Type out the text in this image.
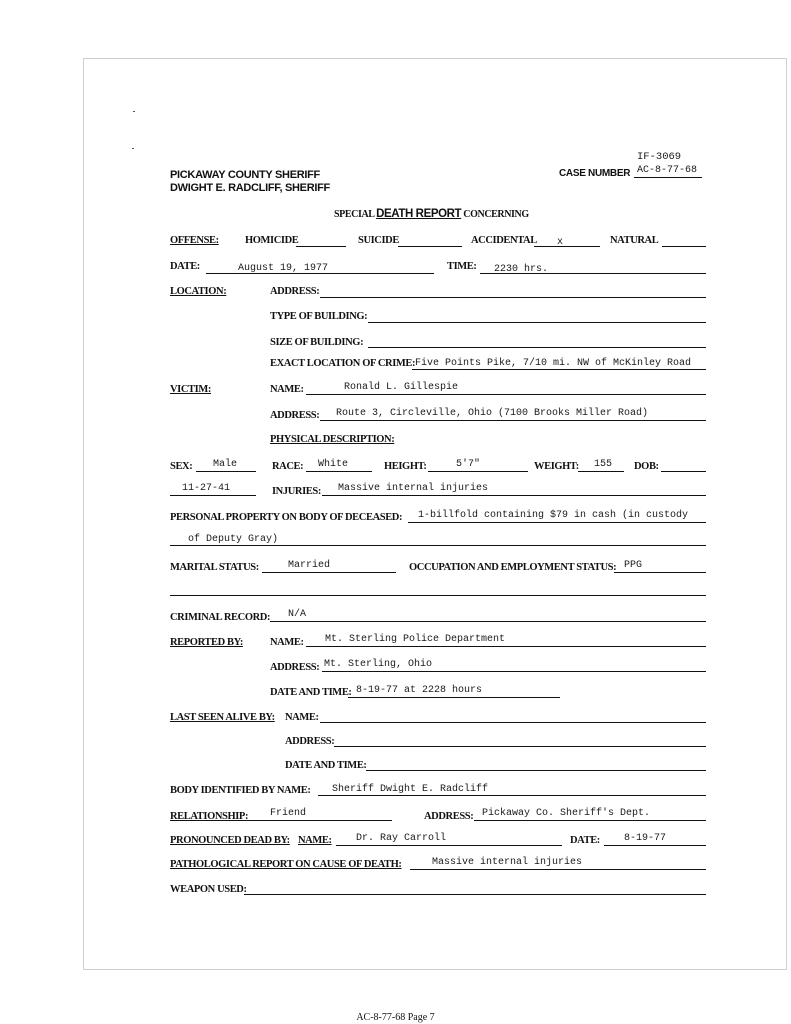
IF-3069
PICKAWAY COUNTY SHERIFF
DWIGHT E. RADCLIFF, SHERIFF
CASE NUMBER AC-8-77-68
SPECIAL DEATH REPORT CONCERNING
OFFENSE:	HOMICIDE	SUICIDE	ACCIDENTAL x	NATURAL
DATE:	August 19, 1977	TIME: 2230 hrs.
LOCATION:	ADDRESS:
TYPE OF BUILDING:
SIZE OF BUILDING:
EXACT LOCATION OF CRIME: Five Points Pike, 7/10 mi. NW of McKinley Road
VICTIM:	NAME:	Ronald L. Gillespie
ADDRESS: Route 3, Circleville, Ohio (7100 Brooks Miller Road)
PHYSICAL DESCRIPTION:
SEX: Male	RACE: White	HEIGHT:	5'7"	WEIGHT: 155 DOB:
11-27-41	INJURIES: Massive internal injuries
PERSONAL PROPERTY ON BODY OF DECEASED: 1-billfold containing $79 in cash (in custody
of Deputy Gray)
MARITAL STATUS:	Married	OCCUPATION AND EMPLOYMENT STATUS: PPG
CRIMINAL RECORD: N/A
REPORTED BY:	NAME: Mt. Sterling Police Department
ADDRESS: Mt. Sterling, Ohio
DATE AND TIME: 8-19-77 at 2228 hours
LAST SEEN ALIVE BY: NAME:
ADDRESS:
DATE AND TIME:
BODY IDENTIFIED BY NAME: Sheriff Dwight E. Radcliff
RELATIONSHIP: Friend	ADDRESS: Pickaway Co. Sheriff's Dept.
PRONOUNCED DEAD BY: NAME: Dr. Ray Carroll	DATE: 8-19-77
PATHOLOGICAL REPORT ON CAUSE OF DEATH:	Massive internal injuries
WEAPON USED:
AC-8-77-68 Page 7
